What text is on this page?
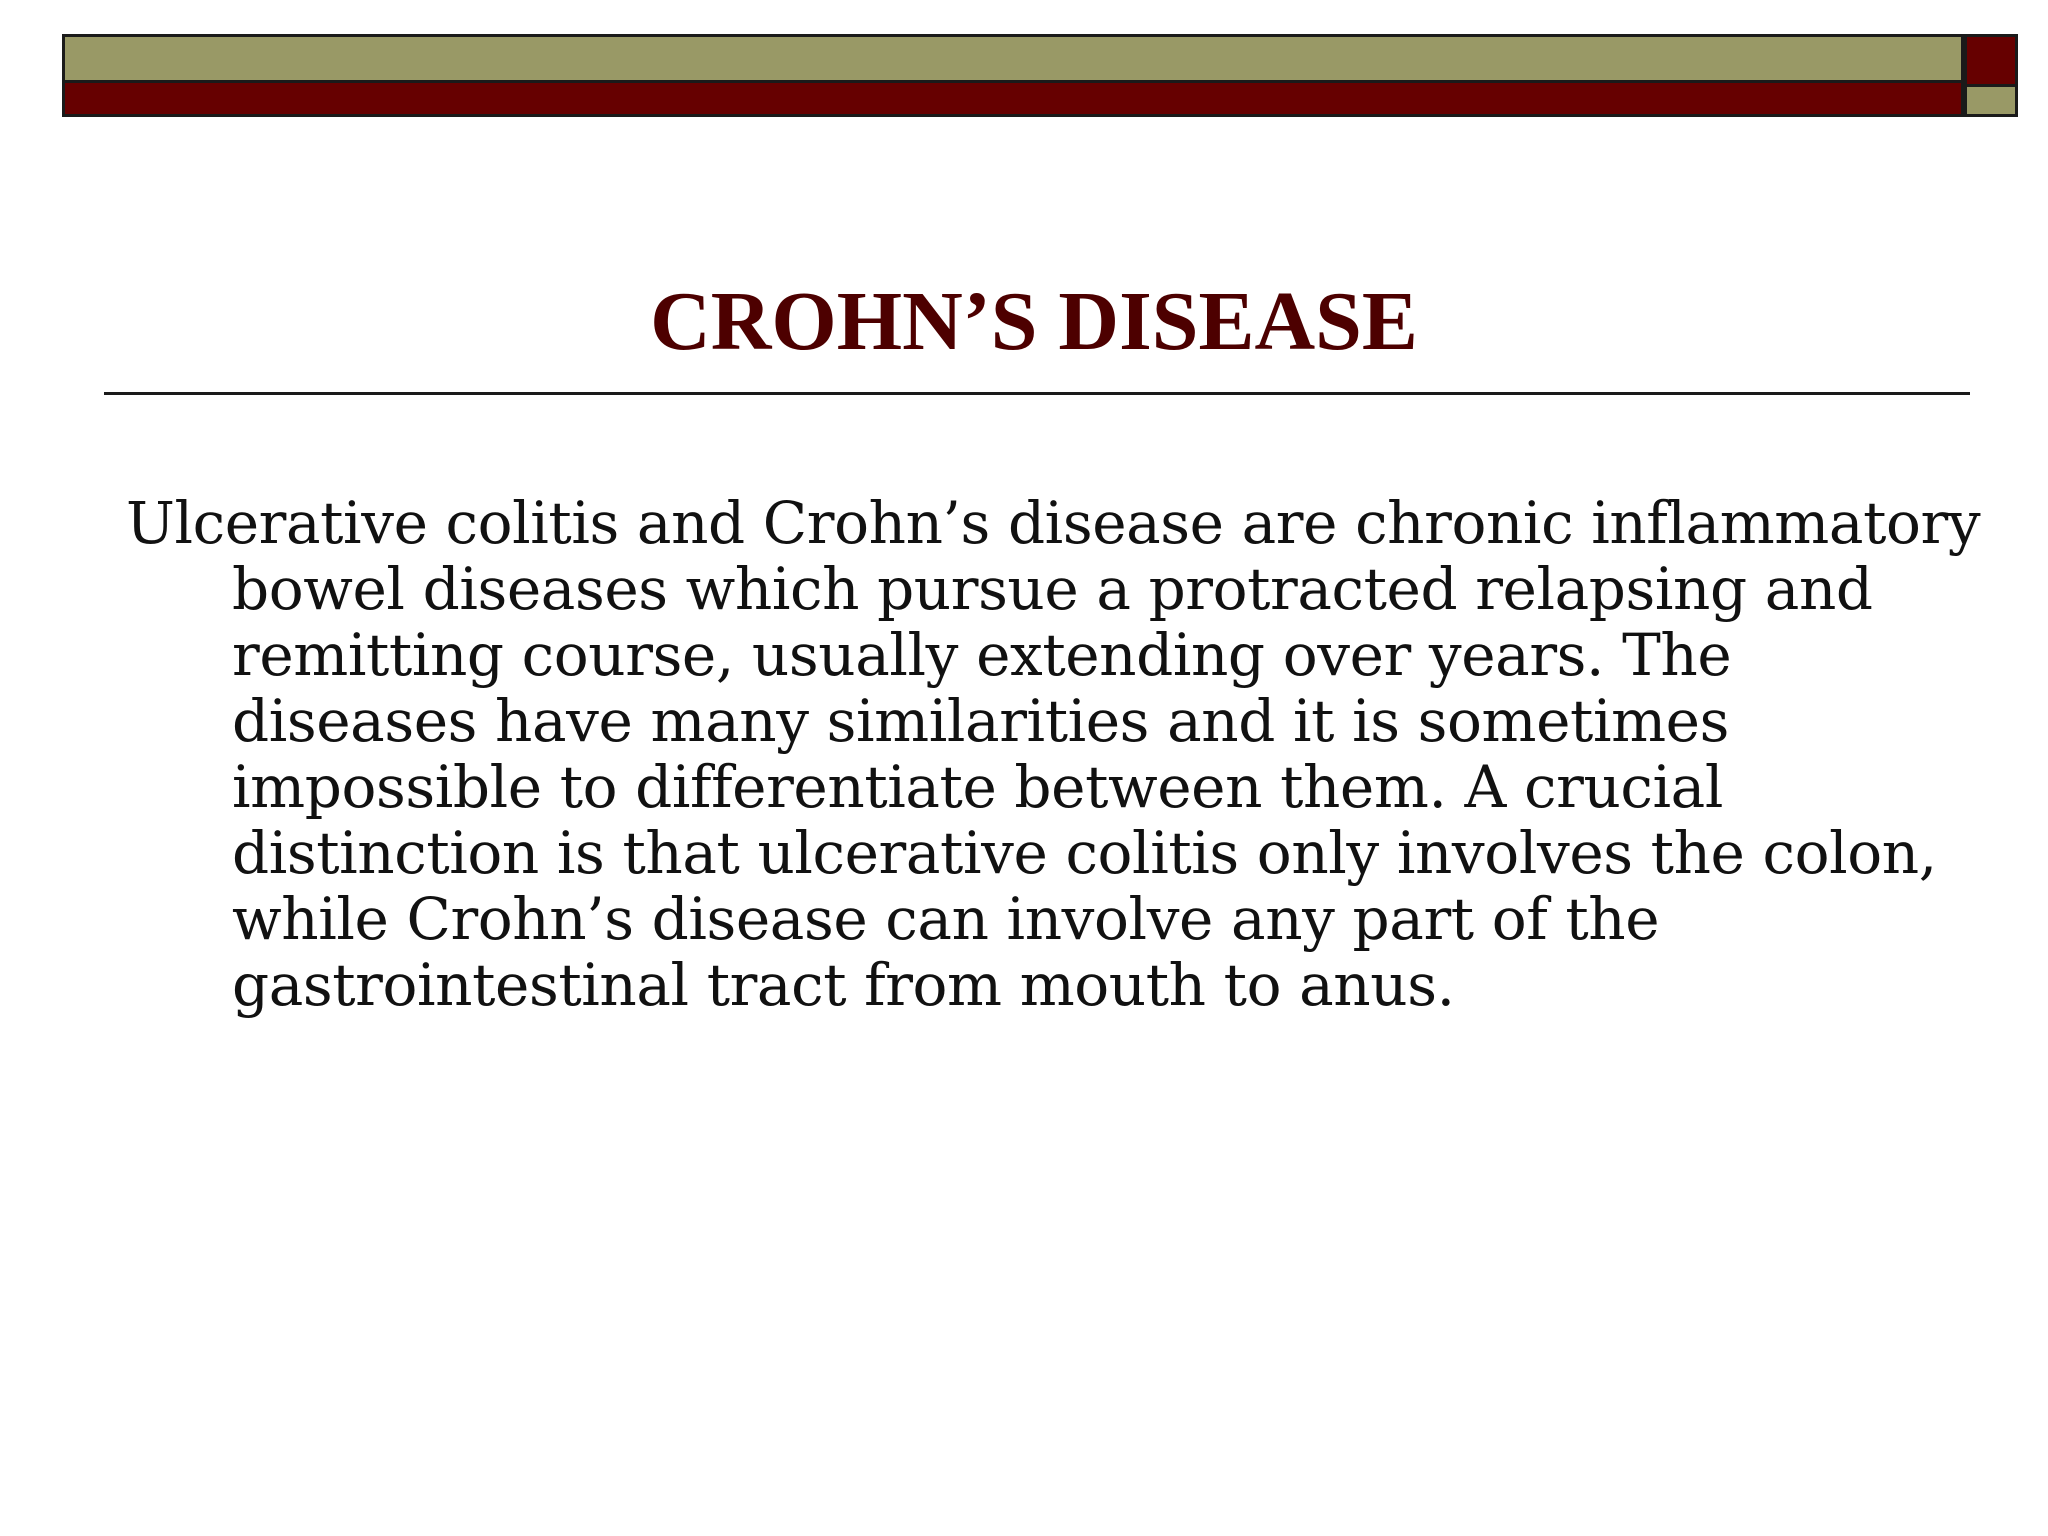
CROHN’S DISEASE

Ulcerative colitis and Crohn’s disease are chronic inflammatory bowel diseases which pursue a protracted relapsing and remitting course, usually extending over years. The diseases have many similarities and it is sometimes impossible to differentiate between them. A crucial distinction is that ulcerative colitis only involves the colon, while Crohn’s disease can involve any part of the gastrointestinal tract from mouth to anus.
